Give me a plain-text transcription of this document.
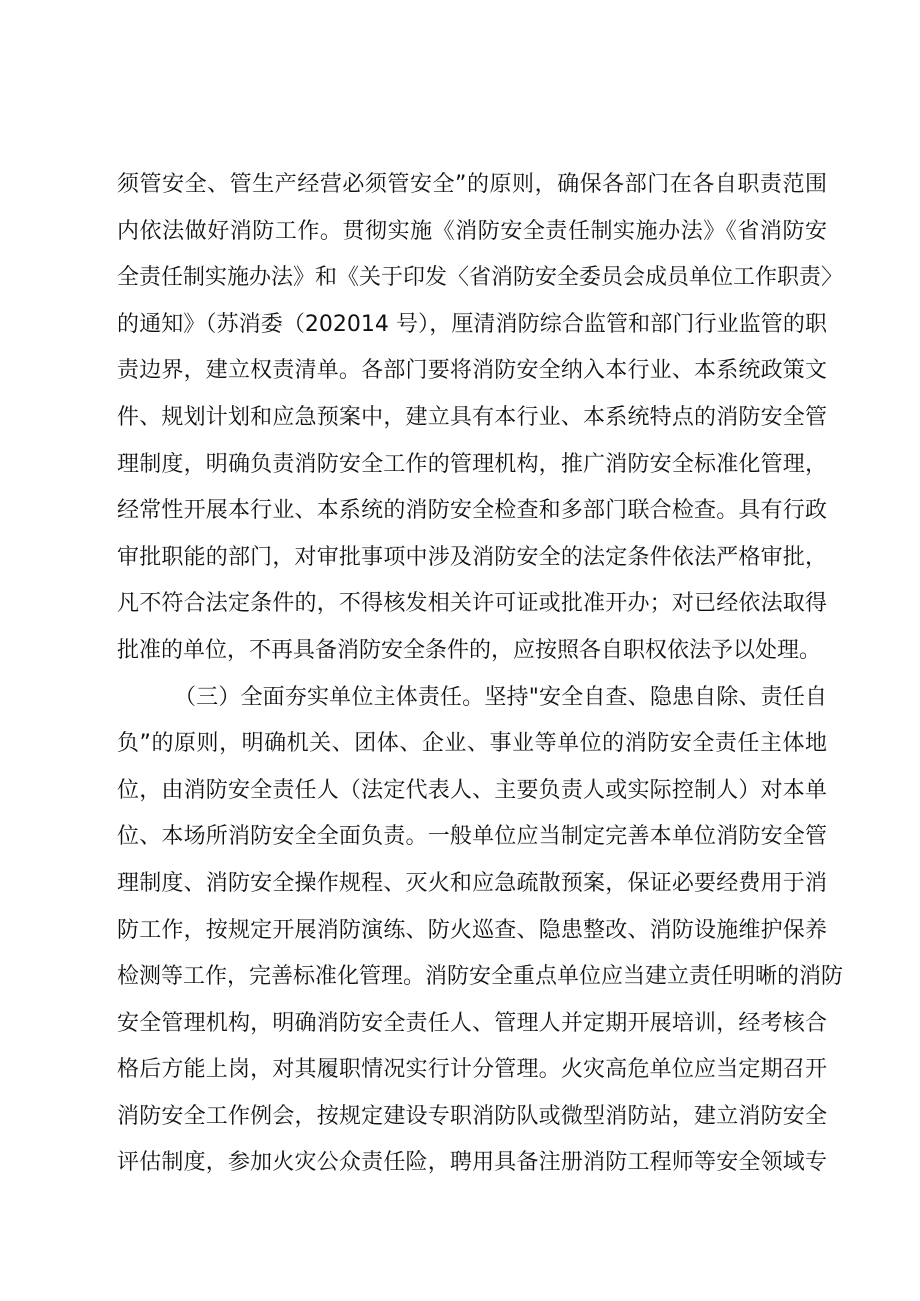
须管安全、管生产经营必须管安全”的原则，确保各部门在各自职责范围
内依法做好消防工作。贯彻实施《消防安全责任制实施办法》《省消防安
全责任制实施办法》和《关于印发〈省消防安全委员会成员单位工作职责〉
的通知》（苏消委（202014 号），厘清消防综合监管和部门行业监管的职
责边界，建立权责清单。各部门要将消防安全纳入本行业、本系统政策文
件、规划计划和应急预案中，建立具有本行业、本系统特点的消防安全管
理制度，明确负责消防安全工作的管理机构，推广消防安全标准化管理，
经常性开展本行业、本系统的消防安全检查和多部门联合检查。具有行政
审批职能的部门，对审批事项中涉及消防安全的法定条件依法严格审批，
凡不符合法定条件的，不得核发相关许可证或批准开办；对已经依法取得
批准的单位，不再具备消防安全条件的，应按照各自职权依法予以处理。
（三）全面夯实单位主体责任。坚持"安全自查、隐患自除、责任自
负”的原则，明确机关、团体、企业、事业等单位的消防安全责任主体地
位，由消防安全责任人（法定代表人、主要负责人或实际控制人）对本单
位、本场所消防安全全面负责。一般单位应当制定完善本单位消防安全管
理制度、消防安全操作规程、灭火和应急疏散预案，保证必要经费用于消
防工作，按规定开展消防演练、防火巡查、隐患整改、消防设施维护保养
检测等工作，完善标准化管理。消防安全重点单位应当建立责任明晰的消防
安全管理机构，明确消防安全责任人、管理人并定期开展培训，经考核合
格后方能上岗，对其履职情况实行计分管理。火灾高危单位应当定期召开
消防安全工作例会，按规定建设专职消防队或微型消防站，建立消防安全
评估制度，参加火灾公众责任险，聘用具备注册消防工程师等安全领域专
